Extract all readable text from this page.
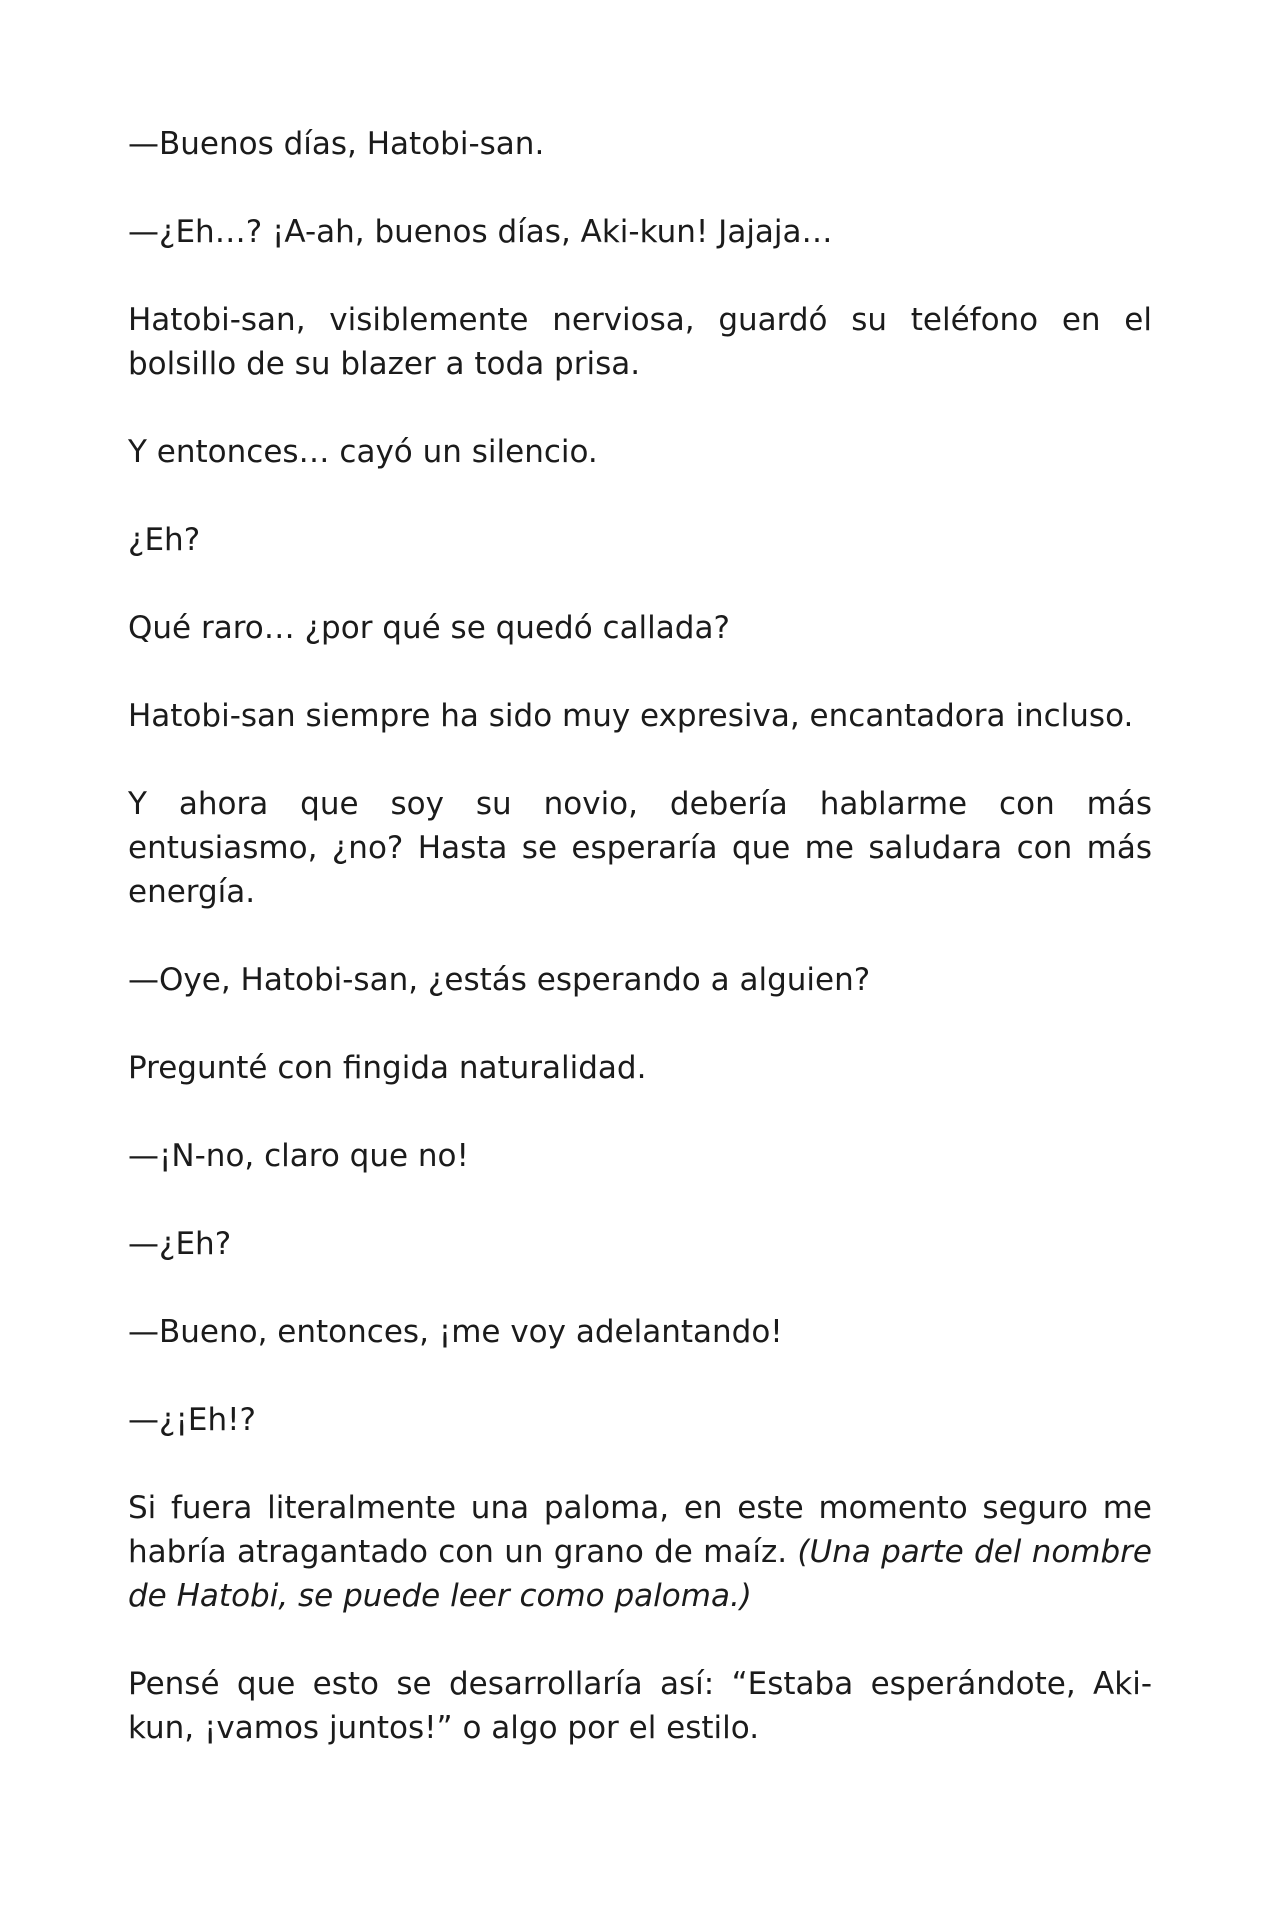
—Buenos días, Hatobi-san.

—¿Eh…? ¡A-ah, buenos días, Aki-kun! Jajaja…

Hatobi-san, visiblemente nerviosa, guardó su teléfono en el bolsillo de su blazer a toda prisa.

Y entonces… cayó un silencio.

¿Eh?

Qué raro… ¿por qué se quedó callada?

Hatobi-san siempre ha sido muy expresiva, encantadora incluso.

Y ahora que soy su novio, debería hablarme con más entusiasmo, ¿no? Hasta se esperaría que me saludara con más energía.

—Oye, Hatobi-san, ¿estás esperando a alguien?

Pregunté con fingida naturalidad.

—¡N-no, claro que no!

—¿Eh?

—Bueno, entonces, ¡me voy adelantando!

—¿¡Eh!?

Si fuera literalmente una paloma, en este momento seguro me habría atragantado con un grano de maíz. (Una parte del nombre de Hatobi, se puede leer como paloma.)

Pensé que esto se desarrollaría así: “Estaba esperándote, Aki-kun, ¡vamos juntos!” o algo por el estilo.
